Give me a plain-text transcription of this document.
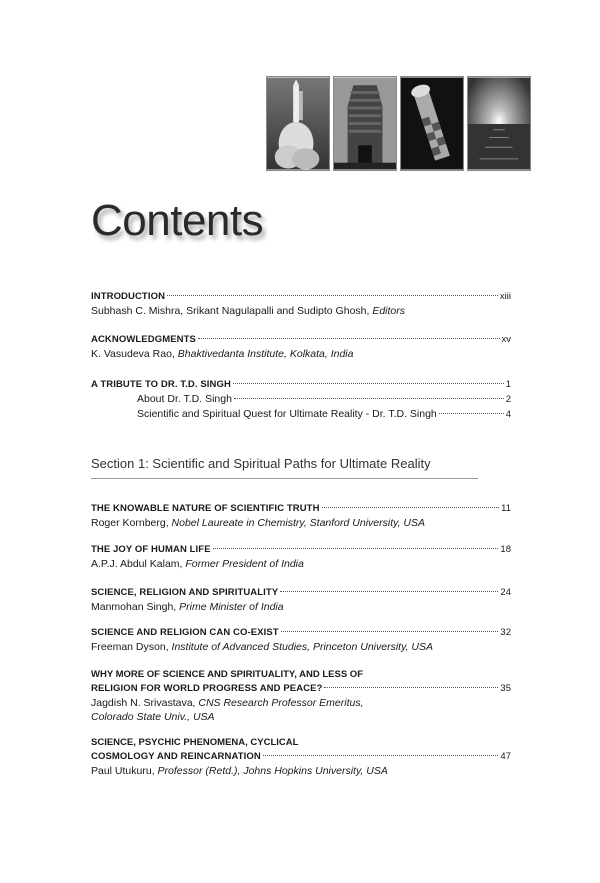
Contents
INTRODUCTION	xiii
Subhash C. Mishra, Srikant Nagulapalli and Sudipto Ghosh, Editors
ACKNOWLEDGMENTS	xv
K. Vasudeva Rao, Bhaktivedanta Institute, Kolkata, India
A TRIBUTE TO DR. T.D. SINGH	1
About Dr. T.D. Singh	2
Scientific and Spiritual Quest for Ultimate Reality - Dr. T.D. Singh	4
Section 1: Scientific and Spiritual Paths for Ultimate Reality
THE KNOWABLE NATURE OF SCIENTIFIC TRUTH	11
Roger Kornberg, Nobel Laureate in Chemistry, Stanford University, USA
THE JOY OF HUMAN LIFE	18
A.P.J. Abdul Kalam, Former President of India
SCIENCE, RELIGION AND SPIRITUALITY	24
Manmohan Singh, Prime Minister of India
SCIENCE AND RELIGION CAN CO-EXIST	32
Freeman Dyson, Institute of Advanced Studies, Princeton University, USA
WHY MORE OF SCIENCE AND SPIRITUALITY, AND LESS OF
RELIGION FOR WORLD PROGRESS AND PEACE?	35
Jagdish N. Srivastava, CNS Research Professor Emeritus,
Colorado State Univ., USA
SCIENCE, PSYCHIC PHENOMENA, CYCLICAL
COSMOLOGY AND REINCARNATION	47
Paul Utukuru, Professor (Retd.), Johns Hopkins University, USA
